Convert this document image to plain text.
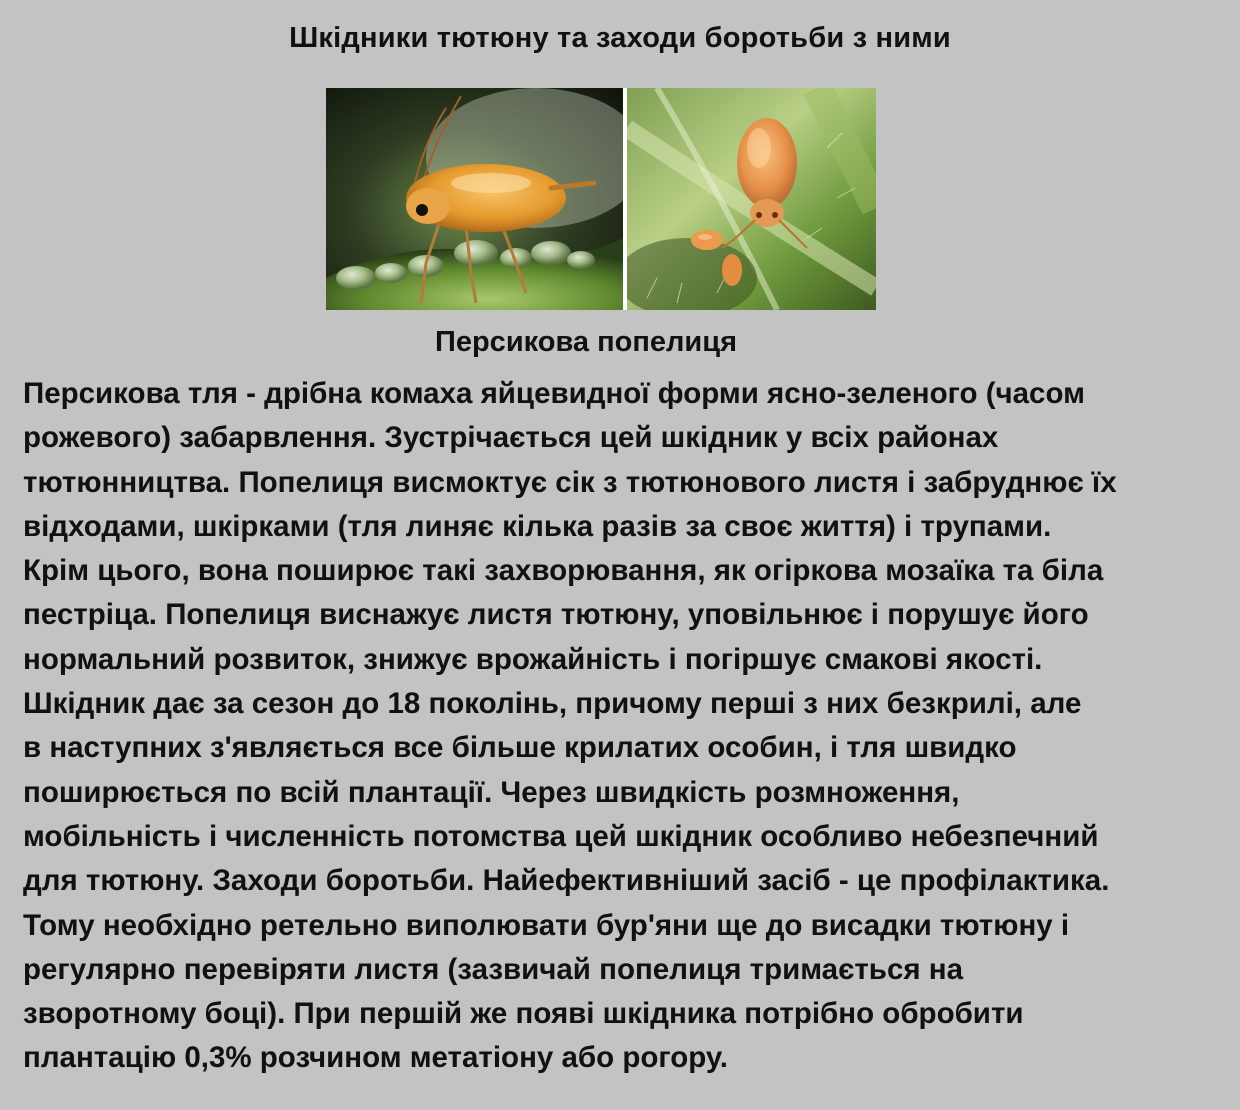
Шкідники тютюну та заходи боротьби з ними
Персикова попелиця
Персикова тля - дрібна комаха яйцевидної форми ясно-зеленого (часом
рожевого) забарвлення. Зустрічається цей шкідник у всіх районах
тютюнництва. Попелиця висмоктує сік з тютюнового листя і забруднює їх
відходами, шкірками (тля линяє кілька разів за своє життя) і трупами.
Крім цього, вона поширює такі захворювання, як огіркова мозаїка та біла
пестріца. Попелиця виснажує листя тютюну, уповільнює і порушує його
нормальний розвиток, знижує врожайність і погіршує смакові якості.
Шкідник дає за сезон до 18 поколінь, причому перші з них безкрилі, але
в наступних з'являється все більше крилатих особин, і тля швидко
поширюється по всій плантації. Через швидкість розмноження,
мобільність і численність потомства цей шкідник особливо небезпечний
для тютюну. Заходи боротьби. Найефективніший засіб - це профілактика.
Тому необхідно ретельно виполювати бур'яни ще до висадки тютюну і
регулярно перевіряти листя (зазвичай попелиця тримається на
зворотному боці). При першій же появі шкідника потрібно обробити
плантацію 0,3% розчином метатіону або рогору.
